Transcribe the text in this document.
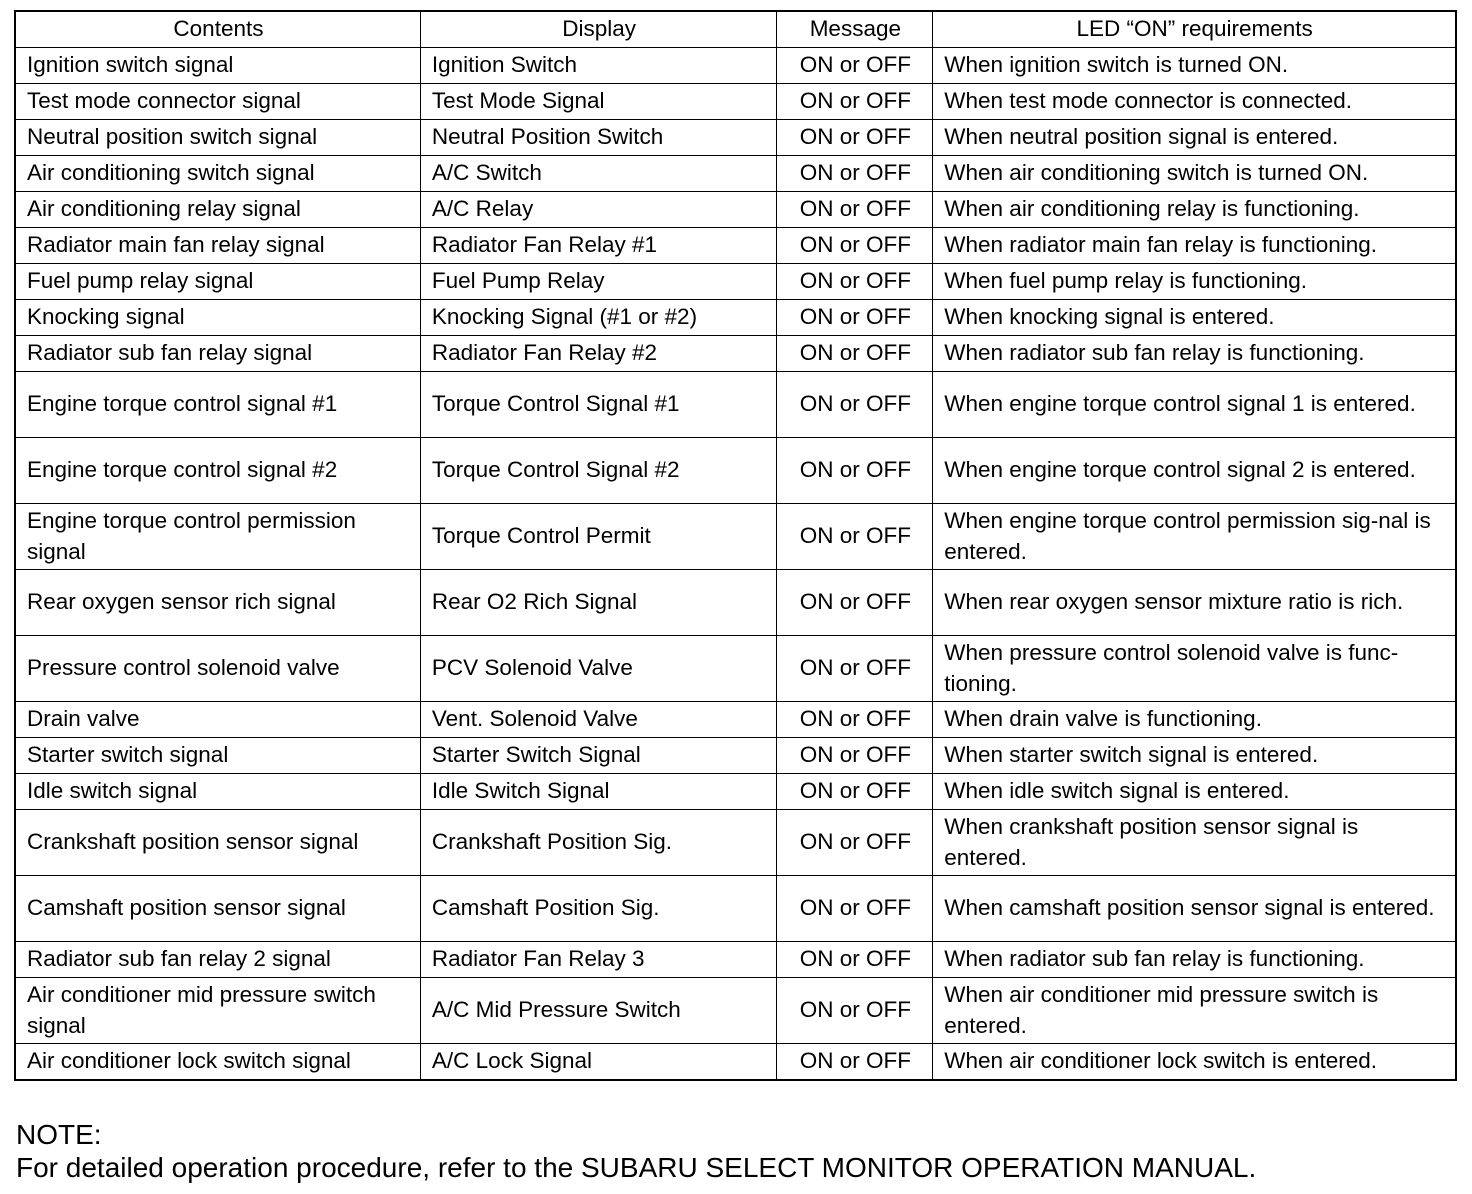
Contents	Display	Message	LED “ON” requirements
Ignition switch signal	Ignition Switch	ON or OFF	When ignition switch is turned ON.
Test mode connector signal	Test Mode Signal	ON or OFF	When test mode connector is connected.
Neutral position switch signal	Neutral Position Switch	ON or OFF	When neutral position signal is entered.
Air conditioning switch signal	A/C Switch	ON or OFF	When air conditioning switch is turned ON.
Air conditioning relay signal	A/C Relay	ON or OFF	When air conditioning relay is functioning.
Radiator main fan relay signal	Radiator Fan Relay #1	ON or OFF	When radiator main fan relay is functioning.
Fuel pump relay signal	Fuel Pump Relay	ON or OFF	When fuel pump relay is functioning.
Knocking signal	Knocking Signal (#1 or #2)	ON or OFF	When knocking signal is entered.
Radiator sub fan relay signal	Radiator Fan Relay #2	ON or OFF	When radiator sub fan relay is functioning.
Engine torque control signal #1	Torque Control Signal #1	ON or OFF	When engine torque control signal 1 is entered.
Engine torque control signal #2	Torque Control Signal #2	ON or OFF	When engine torque control signal 2 is entered.
Engine torque control permission signal	Torque Control Permit	ON or OFF	When engine torque control permission sig-nal is entered.
Rear oxygen sensor rich signal	Rear O2 Rich Signal	ON or OFF	When rear oxygen sensor mixture ratio is rich.
Pressure control solenoid valve	PCV Solenoid Valve	ON or OFF	When pressure control solenoid valve is func-tioning.
Drain valve	Vent. Solenoid Valve	ON or OFF	When drain valve is functioning.
Starter switch signal	Starter Switch Signal	ON or OFF	When starter switch signal is entered.
Idle switch signal	Idle Switch Signal	ON or OFF	When idle switch signal is entered.
Crankshaft position sensor signal	Crankshaft Position Sig.	ON or OFF	When crankshaft position sensor signal is entered.
Camshaft position sensor signal	Camshaft Position Sig.	ON or OFF	When camshaft position sensor signal is entered.
Radiator sub fan relay 2 signal	Radiator Fan Relay 3	ON or OFF	When radiator sub fan relay is functioning.
Air conditioner mid pressure switch signal	A/C Mid Pressure Switch	ON or OFF	When air conditioner mid pressure switch is entered.
Air conditioner lock switch signal	A/C Lock Signal	ON or OFF	When air conditioner lock switch is entered.
NOTE:
For detailed operation procedure, refer to the SUBARU SELECT MONITOR OPERATION MANUAL.
